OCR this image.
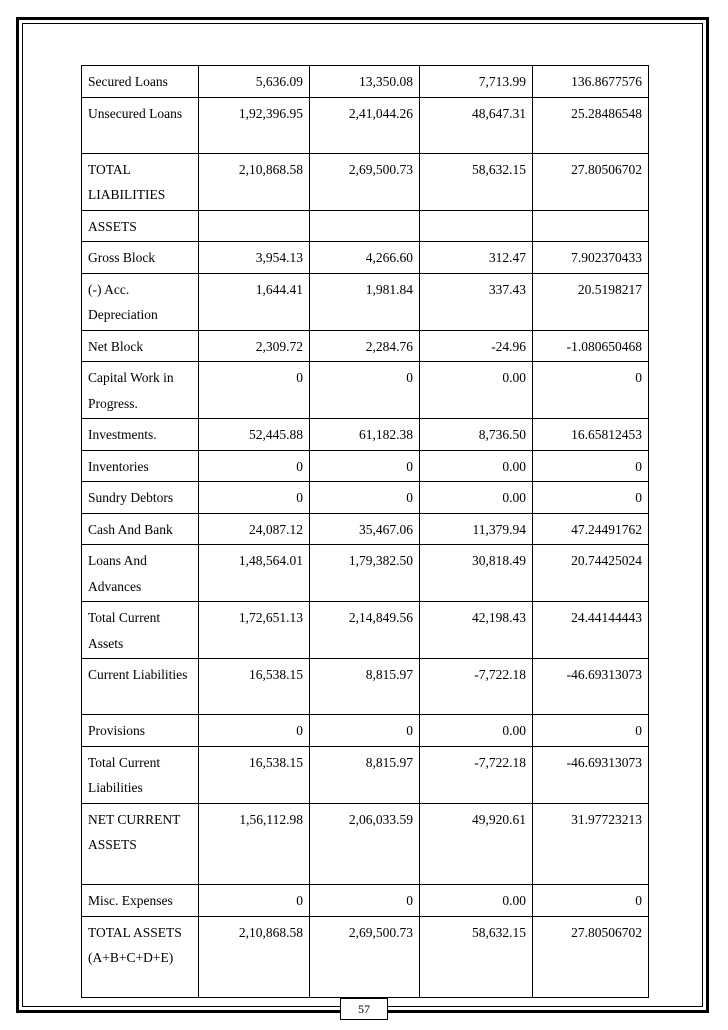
Secured Loans	5,636.09	13,350.08	7,713.99	136.8677576
Unsecured Loans	1,92,396.95	2,41,044.26	48,647.31	25.28486548
TOTAL LIABILITIES	2,10,868.58	2,69,500.73	58,632.15	27.80506702
ASSETS				
Gross Block	3,954.13	4,266.60	312.47	7.902370433
(-) Acc. Depreciation	1,644.41	1,981.84	337.43	20.5198217
Net Block	2,309.72	2,284.76	-24.96	-1.080650468
Capital Work in Progress.	0	0	0.00	0
Investments.	52,445.88	61,182.38	8,736.50	16.65812453
Inventories	0	0	0.00	0
Sundry Debtors	0	0	0.00	0
Cash And Bank	24,087.12	35,467.06	11,379.94	47.24491762
Loans And Advances	1,48,564.01	1,79,382.50	30,818.49	20.74425024
Total Current Assets	1,72,651.13	2,14,849.56	42,198.43	24.44144443
Current Liabilities	16,538.15	8,815.97	-7,722.18	-46.69313073
Provisions	0	0	0.00	0
Total Current Liabilities	16,538.15	8,815.97	-7,722.18	-46.69313073
NET CURRENT ASSETS	1,56,112.98	2,06,033.59	49,920.61	31.97723213
Misc. Expenses	0	0	0.00	0
TOTAL ASSETS (A+B+C+D+E)	2,10,868.58	2,69,500.73	58,632.15	27.80506702
57
